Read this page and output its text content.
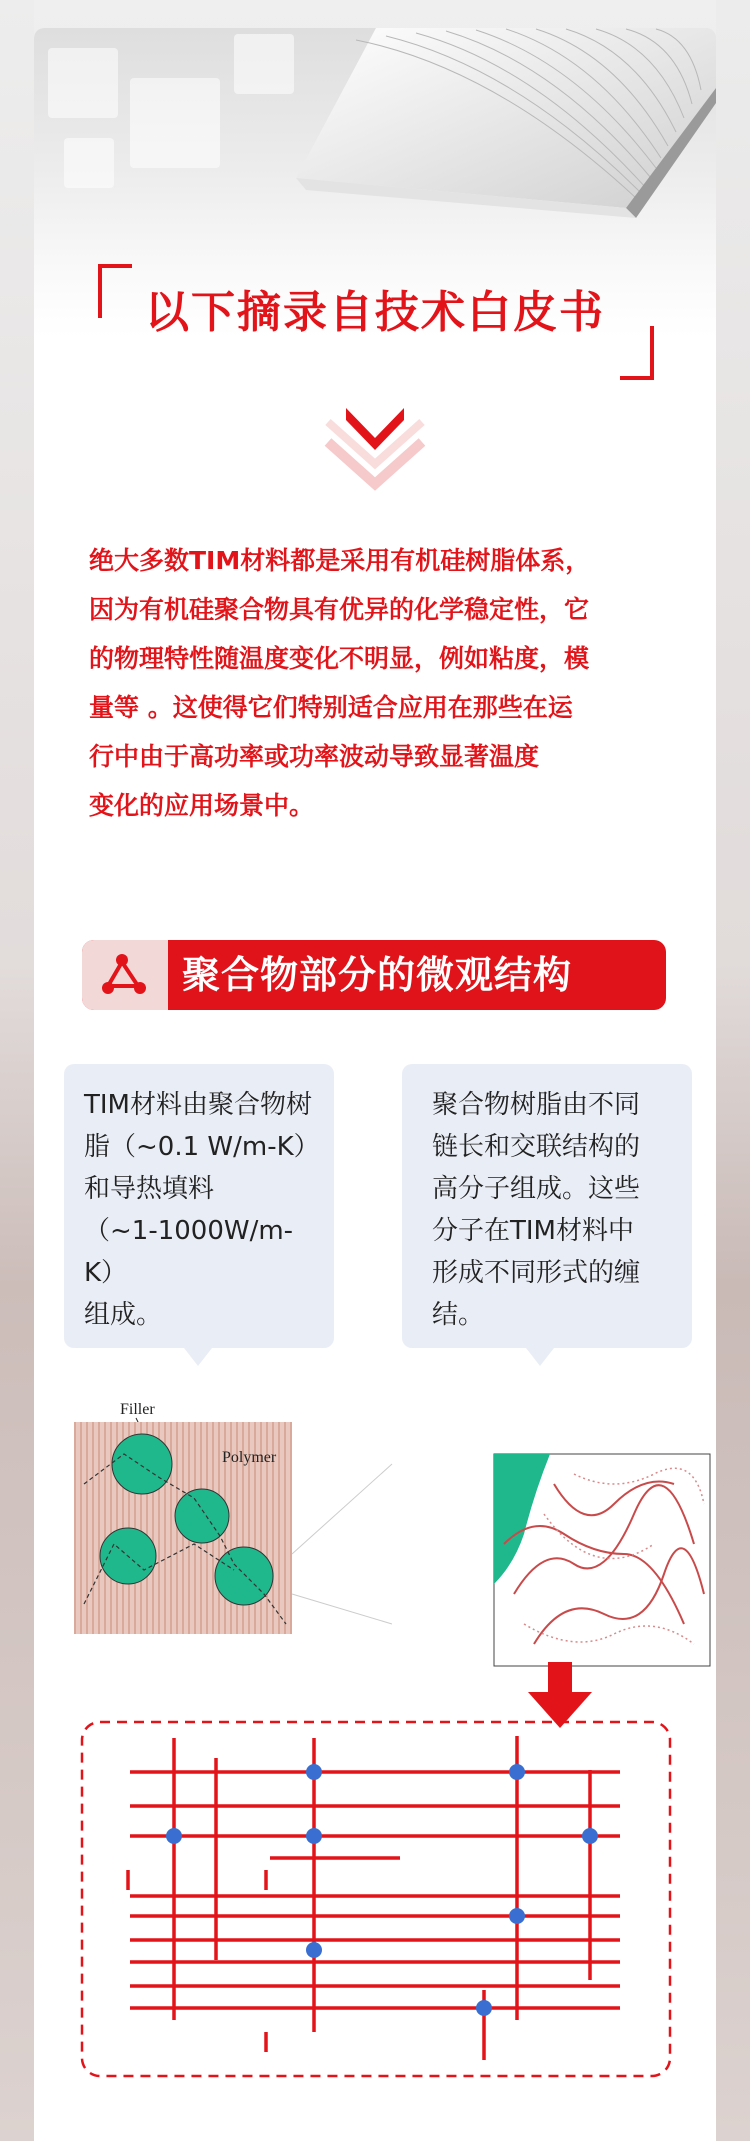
以下摘录自技术白皮书

绝大多数TIM材料都是采用有机硅树脂体系，

因为有机硅聚合物具有优异的化学稳定性，它

的物理特性随温度变化不明显，例如粘度，模

量等 。这使得它们特别适合应用在那些在运

行中由于高功率或功率波动导致显著温度

变化的应用场景中。

聚合物部分的微观结构

TIM材料由聚合物树

脂（~0.1 W/m-K）

和导热填料

（~1-1000W/m-K）

组成。

聚合物树脂由不同

链长和交联结构的

高分子组成。这些

分子在TIM材料中

形成不同形式的缠

结。

Filler
Polymer
